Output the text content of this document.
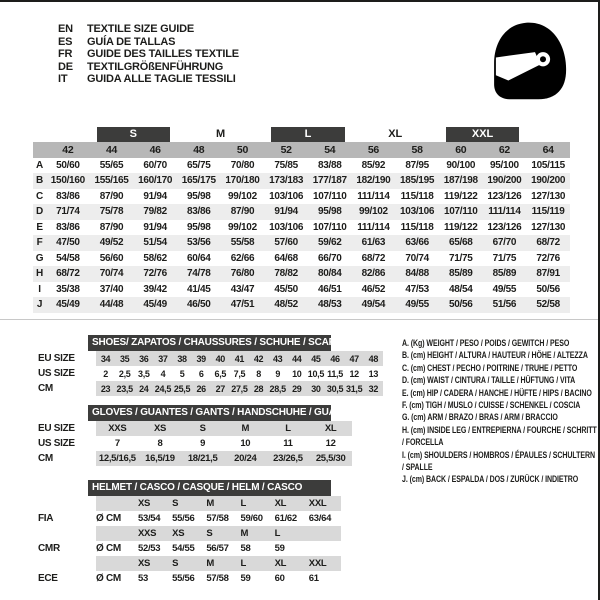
EN	TEXTILE SIZE GUIDE
ES	GUÍA DE TALLAS
FR	GUIDE DES TAILLES TEXTILE
DE	TEXTILGRÖßENFÜHRUNG
IT	GUIDA ALLE TAGLIE TESSILI

		S		M		L		XL		XXL		

	42	44	46	48	50	52	54	56	58	60	62	64
A	50/60	55/65	60/70	65/75	70/80	75/85	83/88	85/92	87/95	90/100	95/100	105/115
B	150/160	155/165	160/170	165/175	170/180	173/183	177/187	182/190	185/195	187/198	190/200	190/200
C	83/86	87/90	91/94	95/98	99/102	103/106	107/110	111/114	115/118	119/122	123/126	127/130
D	71/74	75/78	79/82	83/86	87/90	91/94	95/98	99/102	103/106	107/110	111/114	115/119
E	83/86	87/90	91/94	95/98	99/102	103/106	107/110	111/114	115/118	119/122	123/126	127/130
F	47/50	49/52	51/54	53/56	55/58	57/60	59/62	61/63	63/66	65/68	67/70	68/72
G	54/58	56/60	58/62	60/64	62/66	64/68	66/70	68/72	70/74	71/75	71/75	72/76
H	68/72	70/74	72/76	74/78	76/80	78/82	80/84	82/86	84/88	85/89	85/89	87/91
I	35/38	37/40	39/42	41/45	43/47	45/50	46/51	46/52	47/53	48/54	49/55	50/56
J	45/49	44/48	45/49	46/50	47/51	48/52	48/53	49/54	49/55	50/56	51/56	52/58
SHOES/ ZAPATOS / CHAUSSURES / SCHUHE / SCARPE
EU SIZE	34	35	36	37	38	39	40	41	42	43	44	45	46	47	48
US SIZE	2	2,5	3,5	4	5	6	6,5	7,5	8	9	10	10,5	11,5	12	13
CM	23	23,5	24	24,5	25,5	26	27	27,5	28	28,5	29	30	30,5	31,5	32
GLOVES / GUANTES / GANTS / HANDSCHUHE / GUANTI
EU SIZE	XXS	XS	S	M	L	XL
US SIZE	7	8	9	10	11	12
CM	12,5/16,5	16,5/19	18/21,5	20/24	23/26,5	25,5/30
HELMET / CASCO / CASQUE / HELM / CASCO
		XS	S	M	L	XL	XXL
FIA	Ø CM	53/54	55/56	57/58	59/60	61/62	63/64
		XXS	XS	S	M	L	
CMR	Ø CM	52/53	54/55	56/57	58	59	
		XS	S	M	L	XL	XXL
ECE	Ø CM	53	55/56	57/58	59	60	61
A. (Kg) WEIGHT / PESO / POIDS / GEWITCH / PESO
B. (cm) HEIGHT / ALTURA / HAUTEUR / HÖHE / ALTEZZA
C. (cm) CHEST / PECHO / POITRINE / TRUHE / PETTO
D. (cm) WAIST / CINTURA / TAILLE / HÜFTUNG / VITA
E. (cm) HIP / CADERA / HANCHE / HÜFTE / HIPS / BACINO
F. (cm) TIGH / MUSLO / CUISSE / SCHENKEL / COSCIA
G. (cm) ARM / BRAZO / BRAS / ARM / BRACCIO
H. (cm) INSIDE LEG / ENTREPIERNA / FOURCHE / SCHRITT / FORCELLA
I. (cm) SHOULDERS / HOMBROS / ÉPAULES / SCHULTERN / SPALLE
J. (cm) BACK / ESPALDA / DOS / ZURÜCK / INDIETRO
